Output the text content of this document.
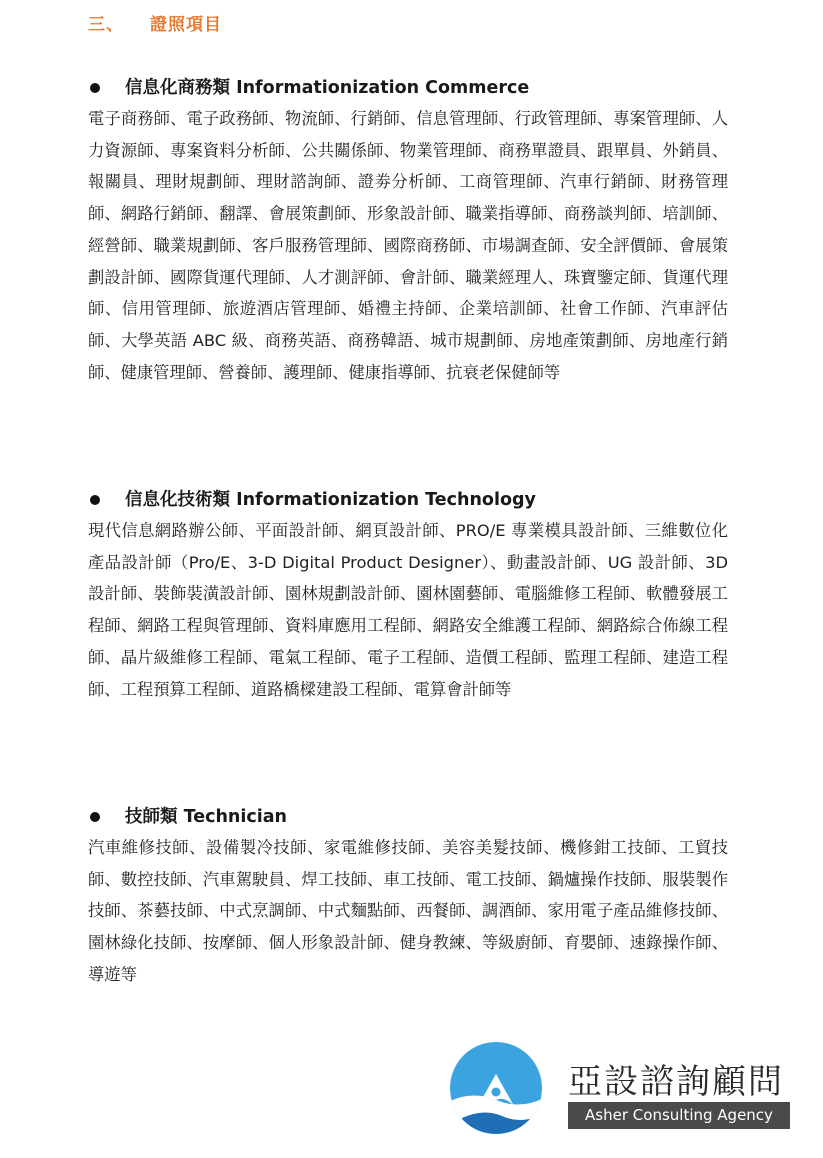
三、 證照項目
信息化商務類 Informationization Commerce
電子商務師、電子政務師、物流師、行銷師、信息管理師、行政管理師、專案管理師、人力資源師、專案資料分析師、公共關係師、物業管理師、商務單證員、跟單員、外銷員、報關員、理財規劃師、理財諮詢師、證劵分析師、工商管理師、汽車行銷師、財務管理師、網路行銷師、翻譯、會展策劃師、形象設計師、職業指導師、商務談判師、培訓師、經營師、職業規劃師、客戶服務管理師、國際商務師、市場調查師、安全評價師、會展策劃設計師、國際貨運代理師、人才測評師、會計師、職業經理人、珠寶鑒定師、貨運代理師、信用管理師、旅遊酒店管理師、婚禮主持師、企業培訓師、社會工作師、汽車評估師、大學英語 ABC 級、商務英語、商務韓語、城市規劃師、房地產策劃師、房地產行銷師、健康管理師、營養師、護理師、健康指導師、抗衰老保健師等
信息化技術類 Informationization Technology
現代信息網路辦公師、平面設計師、網頁設計師、PRO/E 專業模具設計師、三維數位化產品設計師（Pro/E、3-D Digital Product Designer）、動畫設計師、UG 設計師、3D 設計師、裝飾裝潢設計師、園林規劃設計師、園林園藝師、電腦維修工程師、軟體發展工程師、網路工程與管理師、資料庫應用工程師、網路安全維護工程師、網路綜合佈線工程師、晶片級維修工程師、電氣工程師、電子工程師、造價工程師、監理工程師、建造工程師、工程預算工程師、道路橋樑建設工程師、電算會計師等
技師類 Technician
汽車維修技師、設備製冷技師、家電維修技師、美容美髮技師、機修鉗工技師、工貿技師、數控技師、汽車駕駛員、焊工技師、車工技師、電工技師、鍋爐操作技師、服裝製作技師、茶藝技師、中式烹調師、中式麵點師、西餐師、調酒師、家用電子產品維修技師、園林綠化技師、按摩師、個人形象設計師、健身教練、等級廚師、育嬰師、速錄操作師、導遊等
亞設諮詢顧問
Asher Consulting Agency
